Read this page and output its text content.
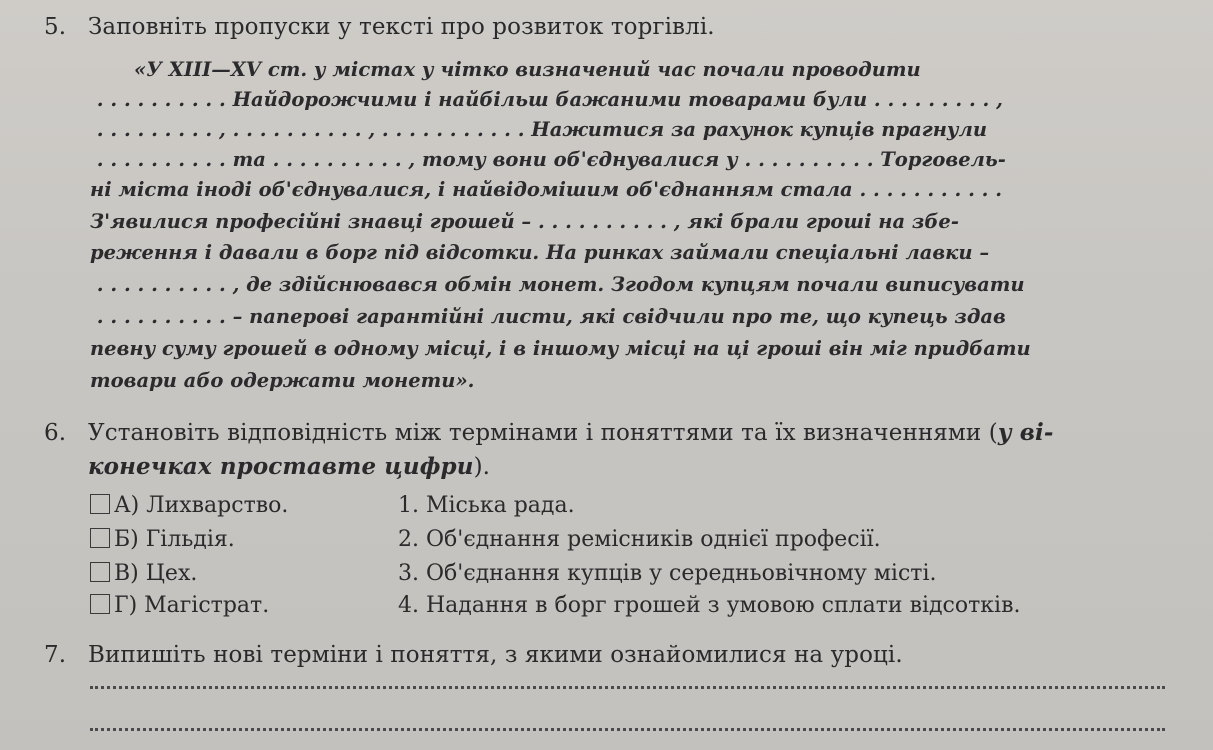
5. Заповніть пропуски у тексті про розвиток торгівлі.
«У XIII—XV ст. у містах у чітко визначений час почали проводити
. . . . . . . . . . Найдорожчими і найбільш бажаними товарами були . . . . . . . . . ,
. . . . . . . . . , . . . . . . . . . . , . . . . . . . . . . . Нажитися за рахунок купців прагнули
. . . . . . . . . . та . . . . . . . . . . , тому вони об'єднувалися у . . . . . . . . . . Торговель-
ні міста іноді об'єднувалися, і найвідомішим об'єднанням стала . . . . . . . . . . .
З'явилися професійні знавці грошей – . . . . . . . . . . , які брали гроші на збе-
реження і давали в борг під відсотки. На ринках займали спеціальні лавки –
. . . . . . . . . . , де здійснювався обмін монет. Згодом купцям почали виписувати
. . . . . . . . . . – паперові гарантійні листи, які свідчили про те, що купець здав
певну суму грошей в одному місці, і в іншому місці на ці гроші він міг придбати
товари або одержати монети».
6. Установіть відповідність між термінами і поняттями та їх визначеннями (у ві-
конечках проставте цифри).
А) Лихварство.	1. Міська рада.
Б) Гільдія.	2. Об'єднання ремісників однієї професії.
В) Цех.	3. Об'єднання купців у середньовічному місті.
Г) Магістрат.	4. Надання в борг грошей з умовою сплати відсотків.
7. Випишіть нові терміни і поняття, з якими ознайомилися на уроці.
